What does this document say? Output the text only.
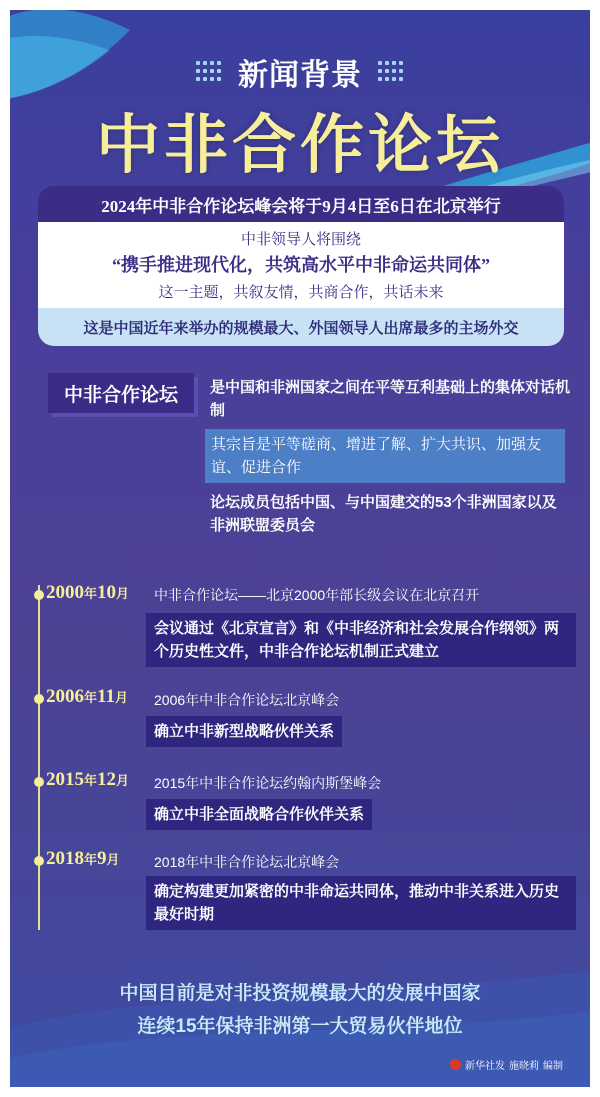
新闻背景
中非合作论坛
2024年中非合作论坛峰会将于9月4日至6日在北京举行
中非领导人将围绕
“携手推进现代化，共筑高水平中非命运共同体”
这一主题，共叙友情，共商合作，共话未来
这是中国近年来举办的规模最大、外国领导人出席最多的主场外交
中非合作论坛	是中国和非洲国家之间在平等互利基础上的集体对话机制
其宗旨是平等磋商、增进了解、扩大共识、加强友谊、促进合作
论坛成员包括中国、与中国建交的53个非洲国家以及非洲联盟委员会
2000年10月 中非合作论坛——北京2000年部长级会议在北京召开
会议通过《北京宣言》和《中非经济和社会发展合作纲领》两个历史性文件，中非合作论坛机制正式建立
2006年11月 2006年中非合作论坛北京峰会
确立中非新型战略伙伴关系
2015年12月 2015年中非合作论坛约翰内斯堡峰会
确立中非全面战略合作伙伴关系
2018年9月 2018年中非合作论坛北京峰会
确定构建更加紧密的中非命运共同体，推动中非关系进入历史最好时期
中国目前是对非投资规模最大的发展中国家
连续15年保持非洲第一大贸易伙伴地位
新华社发 施晓莉 编制
